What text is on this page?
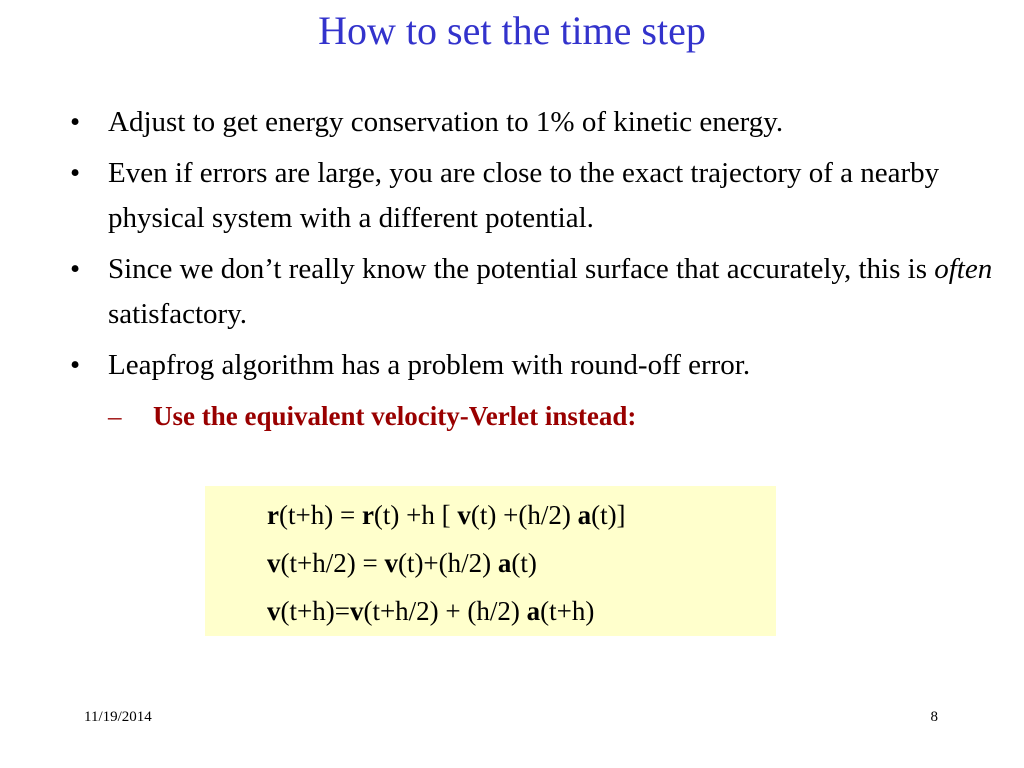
How to set the time step
• Adjust to get energy conservation to 1% of kinetic energy.
• Even if errors are large, you are close to the exact trajectory of a nearby physical system with a different potential.
• Since we don’t really know the potential surface that accurately, this is often satisfactory.
• Leapfrog algorithm has a problem with round-off error.
– Use the equivalent velocity-Verlet instead:
r(t+h) = r(t) +h [ v(t) +(h/2) a(t)]
v(t+h/2) = v(t)+(h/2) a(t)
v(t+h)=v(t+h/2) + (h/2) a(t+h)
11/19/2014	8
